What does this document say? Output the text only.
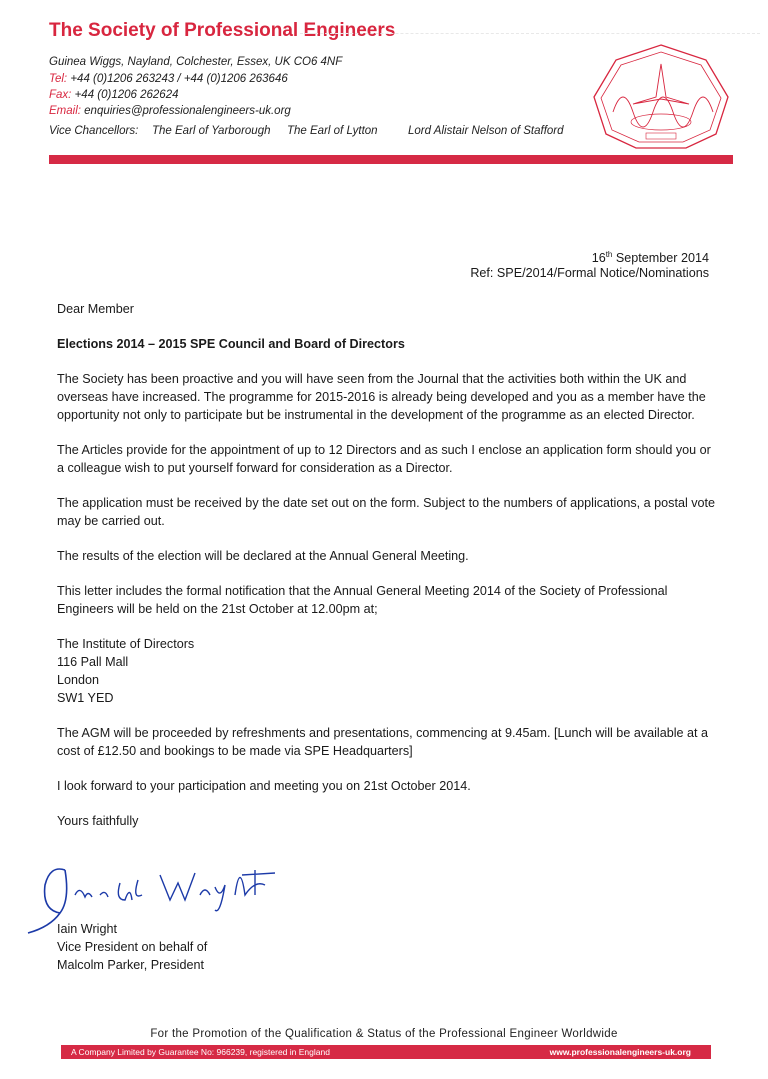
The Society of Professional Engineers
Guinea Wiggs, Nayland, Colchester, Essex, UK CO6 4NF
Tel: +44 (0)1206 263243 / +44 (0)1206 263646
Fax: +44 (0)1206 262624
Email: enquiries@professionalengineers-uk.org
Vice Chancellors: The Earl of Yarborough The Earl of Lytton	Lord Alistair Nelson of Stafford
16th September 2014
Ref: SPE/2014/Formal Notice/Nominations

Dear Member

Elections 2014 – 2015 SPE Council and Board of Directors

The Society has been proactive and you will have seen from the Journal that the activities both within the UK and overseas have increased. The programme for 2015-2016 is already being developed and you as a member have the opportunity not only to participate but be instrumental in the development of the programme as an elected Director.

The Articles provide for the appointment of up to 12 Directors and as such I enclose an application form should you or a colleague wish to put yourself forward for consideration as a Director.

The application must be received by the date set out on the form. Subject to the numbers of applications, a postal vote may be carried out.

The results of the election will be declared at the Annual General Meeting.

This letter includes the formal notification that the Annual General Meeting 2014 of the Society of Professional Engineers will be held on the 21st October at 12.00pm at;

The Institute of Directors
116 Pall Mall
London
SW1 YED

The AGM will be proceeded by refreshments and presentations, commencing at 9.45am. [Lunch will be available at a cost of £12.50 and bookings to be made via SPE Headquarters]

I look forward to your participation and meeting you on 21st October 2014.

Yours faithfully

Iain Wright
Vice President on behalf of
Malcolm Parker, President
For the Promotion of the Qualification & Status of the Professional Engineer Worldwide
A Company Limited by Guarantee No: 966239, registered in England	www.professionalengineers-uk.org
